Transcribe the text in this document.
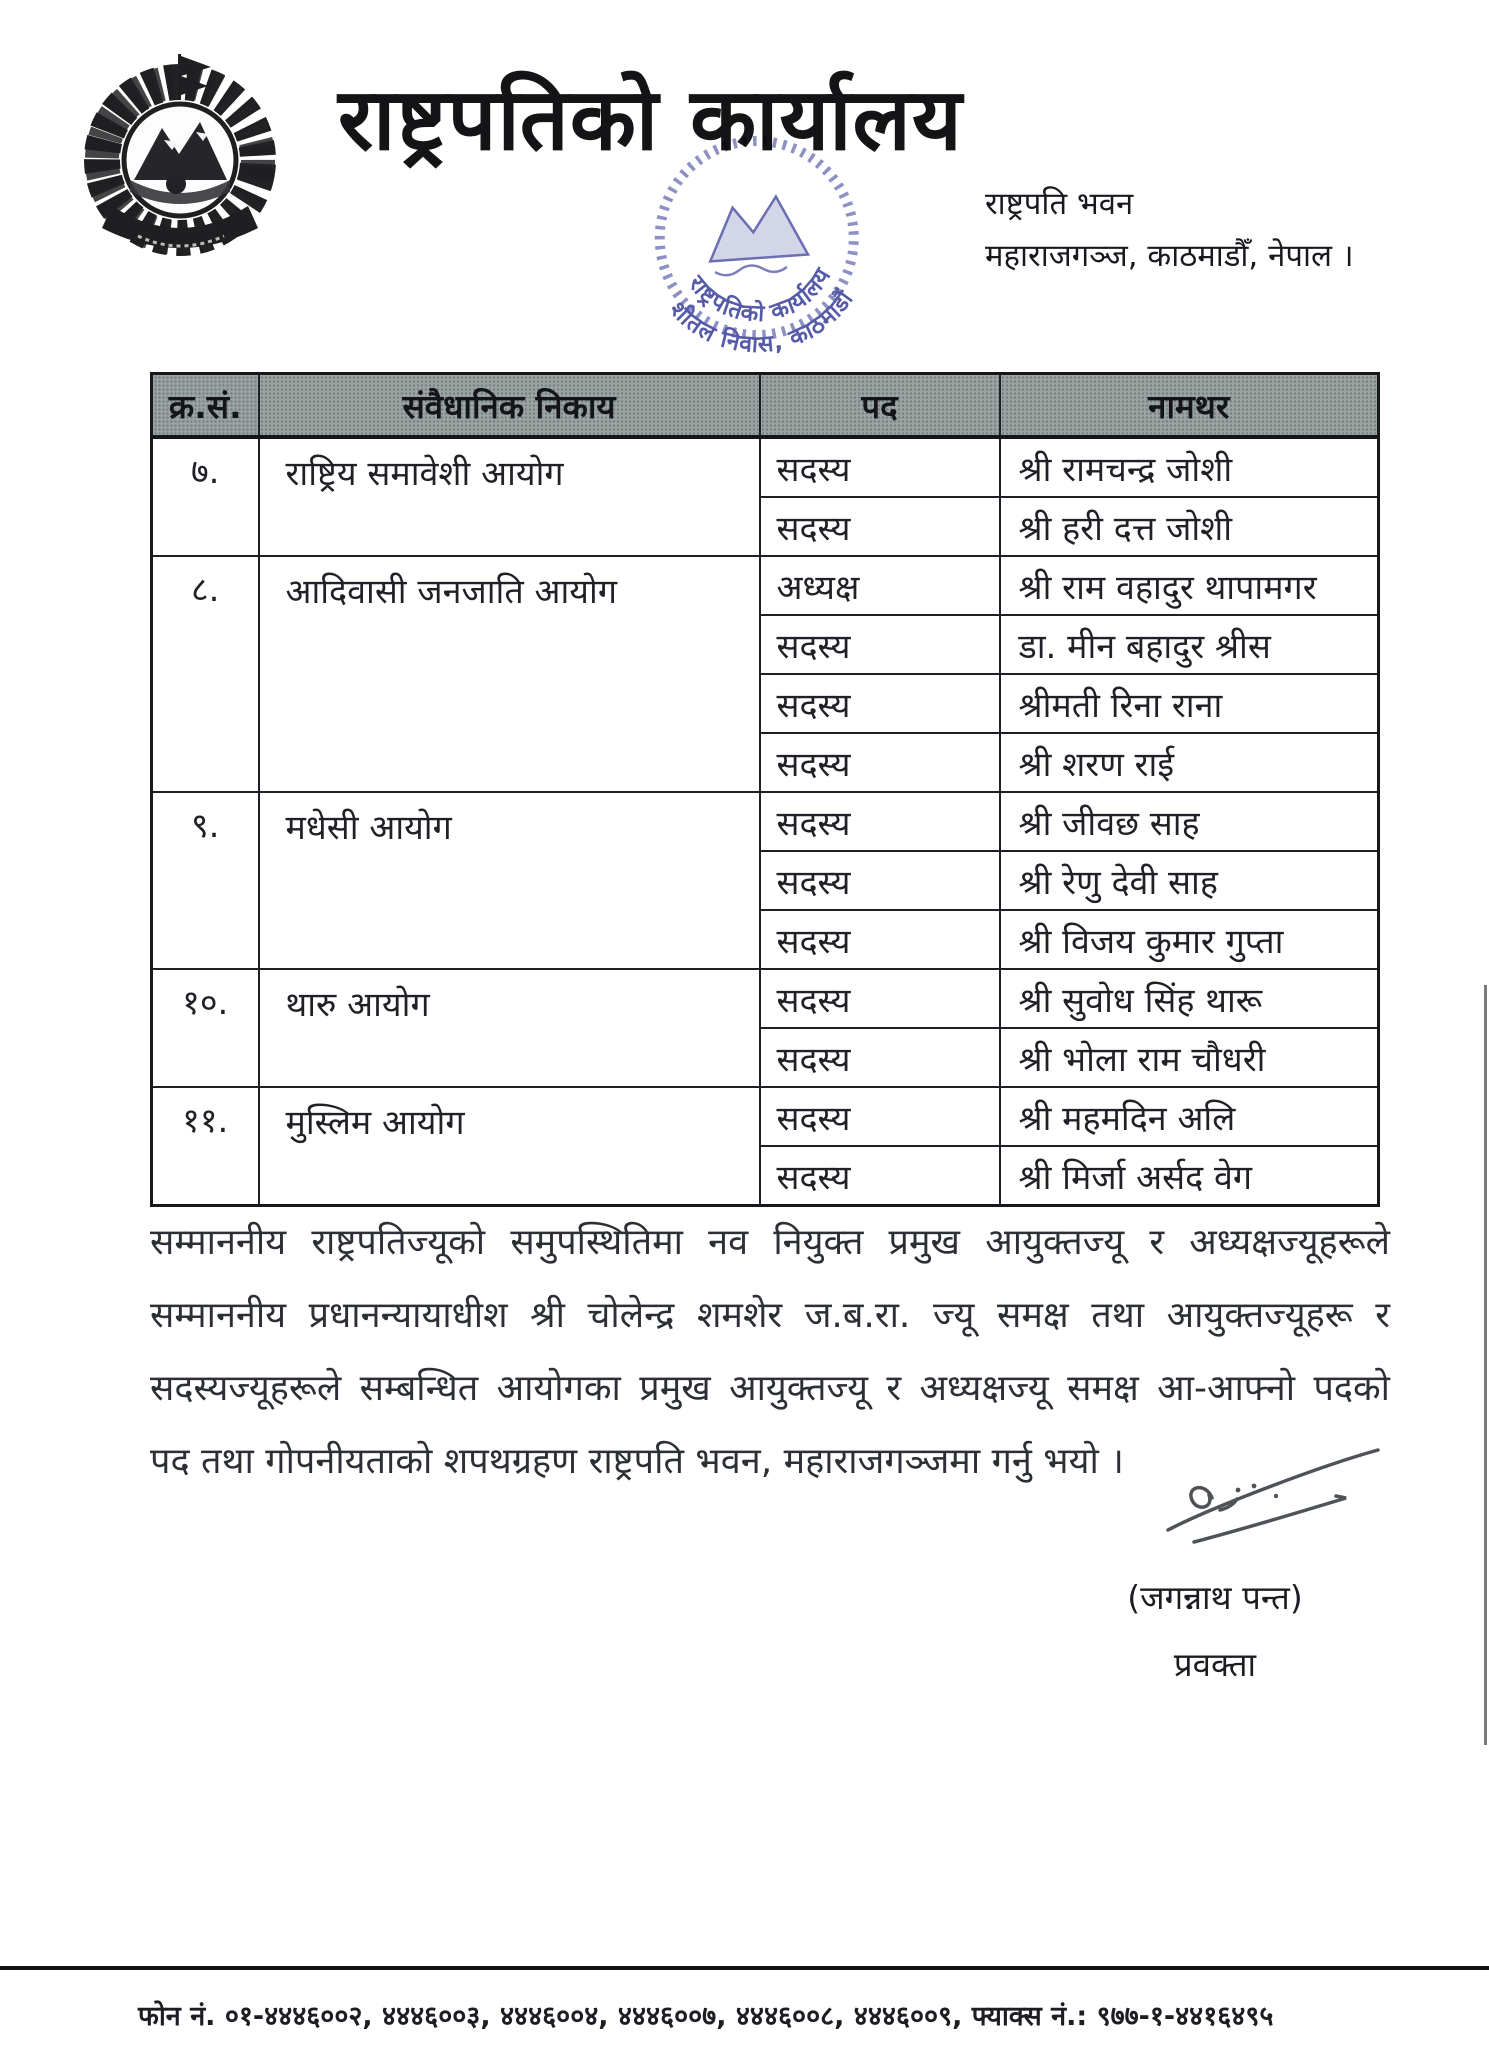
राष्ट्रपतिको कार्यालय
राष्ट्रपतिको कार्यालय
शीतल निवास, काठमाडौं
राष्ट्रपति भवन
महाराजगञ्ज, काठमाडौँ, नेपाल ।
क्र.सं.	संवैधानिक निकाय	पद	नामथर
७.	राष्ट्रिय समावेशी आयोग	सदस्य	श्री रामचन्द्र जोशी
		सदस्य	श्री हरी दत्त जोशी
८.	आदिवासी जनजाति आयोग	अध्यक्ष	श्री राम वहादुर थापामगर
		सदस्य	डा. मीन बहादुर श्रीस
		सदस्य	श्रीमती रिना राना
		सदस्य	श्री शरण राई
९.	मधेसी आयोग	सदस्य	श्री जीवछ साह
		सदस्य	श्री रेणु देवी साह
		सदस्य	श्री विजय कुमार गुप्ता
१०.	थारु आयोग	सदस्य	श्री सुवोध सिंह थारू
		सदस्य	श्री भोला राम चौधरी
११.	मुस्लिम आयोग	सदस्य	श्री महमदिन अलि
		सदस्य	श्री मिर्जा अर्सद वेग

सम्माननीय राष्ट्रपतिज्यूको समुपस्थितिमा नव नियुक्त प्रमुख आयुक्तज्यू र अध्यक्षज्यूहरूले

सम्माननीय प्रधानन्यायाधीश श्री चोलेन्द्र शमशेर ज.ब.रा. ज्यू समक्ष तथा आयुक्तज्यूहरू र

सदस्यज्यूहरूले सम्बन्धित आयोगका प्रमुख आयुक्तज्यू र अध्यक्षज्यू समक्ष आ-आफ्नो पदको

पद तथा गोपनीयताको शपथग्रहण राष्ट्रपति भवन, महाराजगञ्जमा गर्नु भयो ।

(जगन्नाथ पन्त)
प्रवक्ता
फोन नं. ०१-४४४६००२, ४४४६००३, ४४४६००४, ४४४६००७, ४४४६००८, ४४४६००९, फ्याक्स नं.: ९७७-१-४४१६४९५
